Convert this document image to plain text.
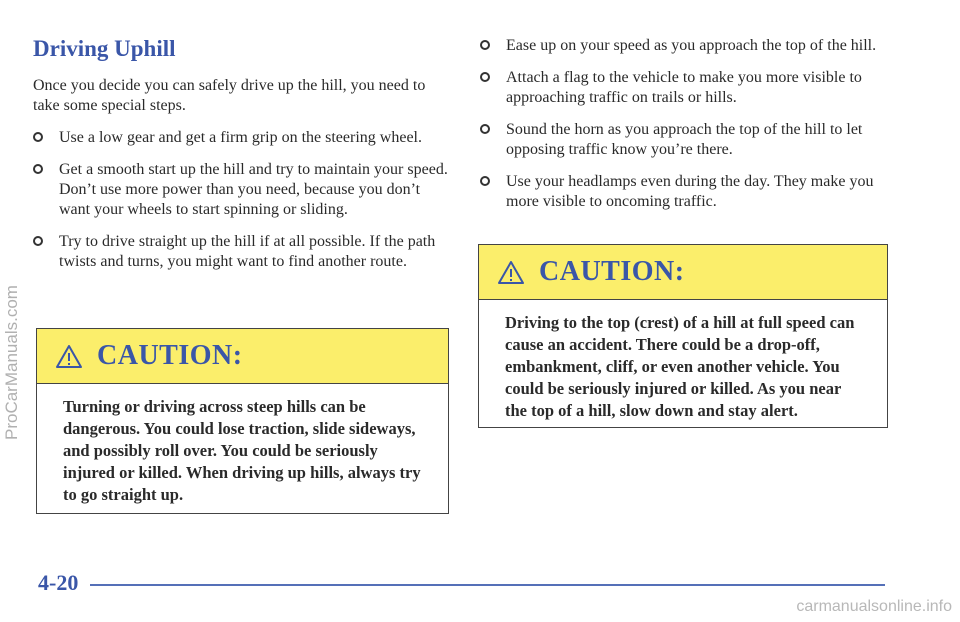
Driving Uphill

Once you decide you can safely drive up the hill, you need to take some special steps.

Use a low gear and get a firm grip on the steering wheel.
Get a smooth start up the hill and try to maintain your speed. Don’t use more power than you need, because you don’t want your wheels to start spinning or sliding.
Try to drive straight up the hill if at all possible. If the path twists and turns, you might want to find another route.
CAUTION:
Turning or driving across steep hills can be dangerous. You could lose traction, slide sideways, and possibly roll over. You could be seriously injured or killed. When driving up hills, always try to go straight up.
Ease up on your speed as you approach the top of the hill.
Attach a flag to the vehicle to make you more visible to approaching traffic on trails or hills.
Sound the horn as you approach the top of the hill to let opposing traffic know you’re there.
Use your headlamps even during the day. They make you more visible to oncoming traffic.
CAUTION:
Driving to the top (crest) of a hill at full speed can cause an accident. There could be a drop-off, embankment, cliff, or even another vehicle. You could be seriously injured or killed. As you near the top of a hill, slow down and stay alert.
4-20
ProCarManuals.com
carmanualsonline.info
